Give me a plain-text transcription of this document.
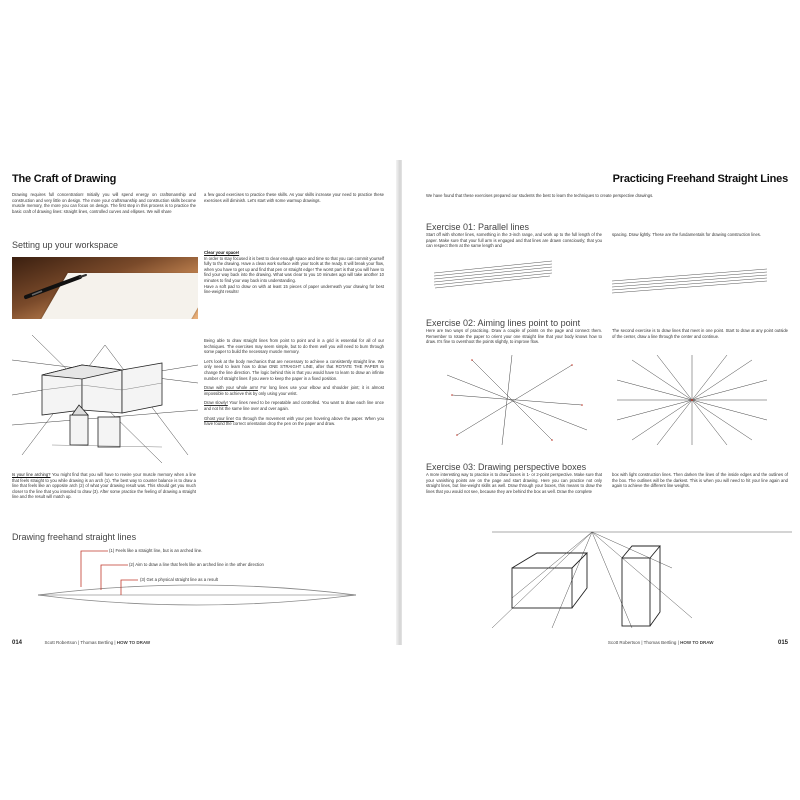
The Craft of Drawing
Drawing requires full concentration! Initially you will spend energy on craftsmanship and construction and very little on design. The more your craftsmanship and construction skills become muscle memory, the more you can focus on design. The first step in this process is to practice the basic craft of drawing lines: straight lines, controlled curves and ellipses. We will share
a few good exercises to practice these skills. As your skills increase your need to practice these exercises will diminish. Let's start with some warmup drawings.
Setting up your workspace
Clear your space!
In order to stay focused it is best to clear enough space and time so that you can commit yourself fully to the drawing. Have a clean work surface with your tools at the ready. It will break your flow, when you have to get up and find that pen or straight edge! The worst part is that you will have to find your way back into the drawing. What was clear to you 10 minutes ago will take another 10 minutes to find your way back into understanding.
Have a soft pad to draw on with at least 15 pieces of paper underneath your drawing for best line-weight results!
Being able to draw straight lines from point to point and in a grid is essential for all of our techniques. The exercises may seem simple, but to do them well you will need to burn through some paper to build the necessary muscle memory.
Let's look at the body mechanics that are necessary to achieve a consistently straight line. We only need to learn how to draw ONE STRAIGHT LINE, after that ROTATE THE PAPER to change the line direction. The logic behind this is that you would have to learn to draw an infinite number of straight lines if you were to keep the paper in a fixed position.
Draw with your whole arm! For long lines use your elbow and shoulder joint; it is almost impossible to achieve this by only using your wrist.
Draw slowly! Your lines need to be repeatable and controlled. You want to draw each line once and not hit the same line over and over again.
Ghost your line! Go through the movement with your pen hovering above the paper. When you have found the correct orientation drop the pen on the paper and draw.
Is your line arching? You might find that you will have to rewire your muscle memory when a line that feels straight to you while drawing is an arch (1). The best way to counter balance is to draw a line that feels like an opposite arch (2) of what your drawing result was. This should get you much closer to the line that you intended to draw (3). After some practice the feeling of drawing a straight line and the result will match up.
Drawing freehand straight lines
(1) Feels like a straight line, but is an arched line.
(2) Aim to draw a line that feels like an arched line in the other direction
(3) Get a physical straight line as a result
014	Scott Robertson | Thomas Bertling | HOW TO DRAW
Practicing Freehand Straight Lines
We have found that these exercises prepared our students the best to learn the techniques to create perspective drawings.
Exercise 01: Parallel lines
Start off with shorter lines, something in the 3-inch range, and work up to the full length of the paper. Make sure that your full arm is engaged and that lines are drawn consciously; that you can respect them at the same length and
spacing. Draw lightly. These are the fundamentals for drawing construction lines.
Exercise 02: Aiming lines point to point
Here are two ways of practicing. Draw a couple of points on the page and connect them. Remember to rotate the paper to orient your one straight line that your body knows how to draw. It's fine to overshoot the points slightly, to improve flow.
The second exercise is to draw lines that meet in one point. Start to draw at any point outside of the center, draw a line through the center and continue.
Exercise 03: Drawing perspective boxes
A more interesting way to practice is to draw boxes in 1- or 2-point perspective. Make sure that your vanishing points are on the page and start drawing. Here you can practice not only straight lines, but line-weight skills as well. Draw through your boxes, this means to draw the lines that you would not see, because they are behind the box as well. Draw the complete
box with light construction lines. Then darken the lines of the inside edges and the outlines of the box. The outlines will be the darkest. This is when you will need to hit your line again and again to achieve the different line weights.
Scott Robertson | Thomas Bertling | HOW TO DRAW	015
